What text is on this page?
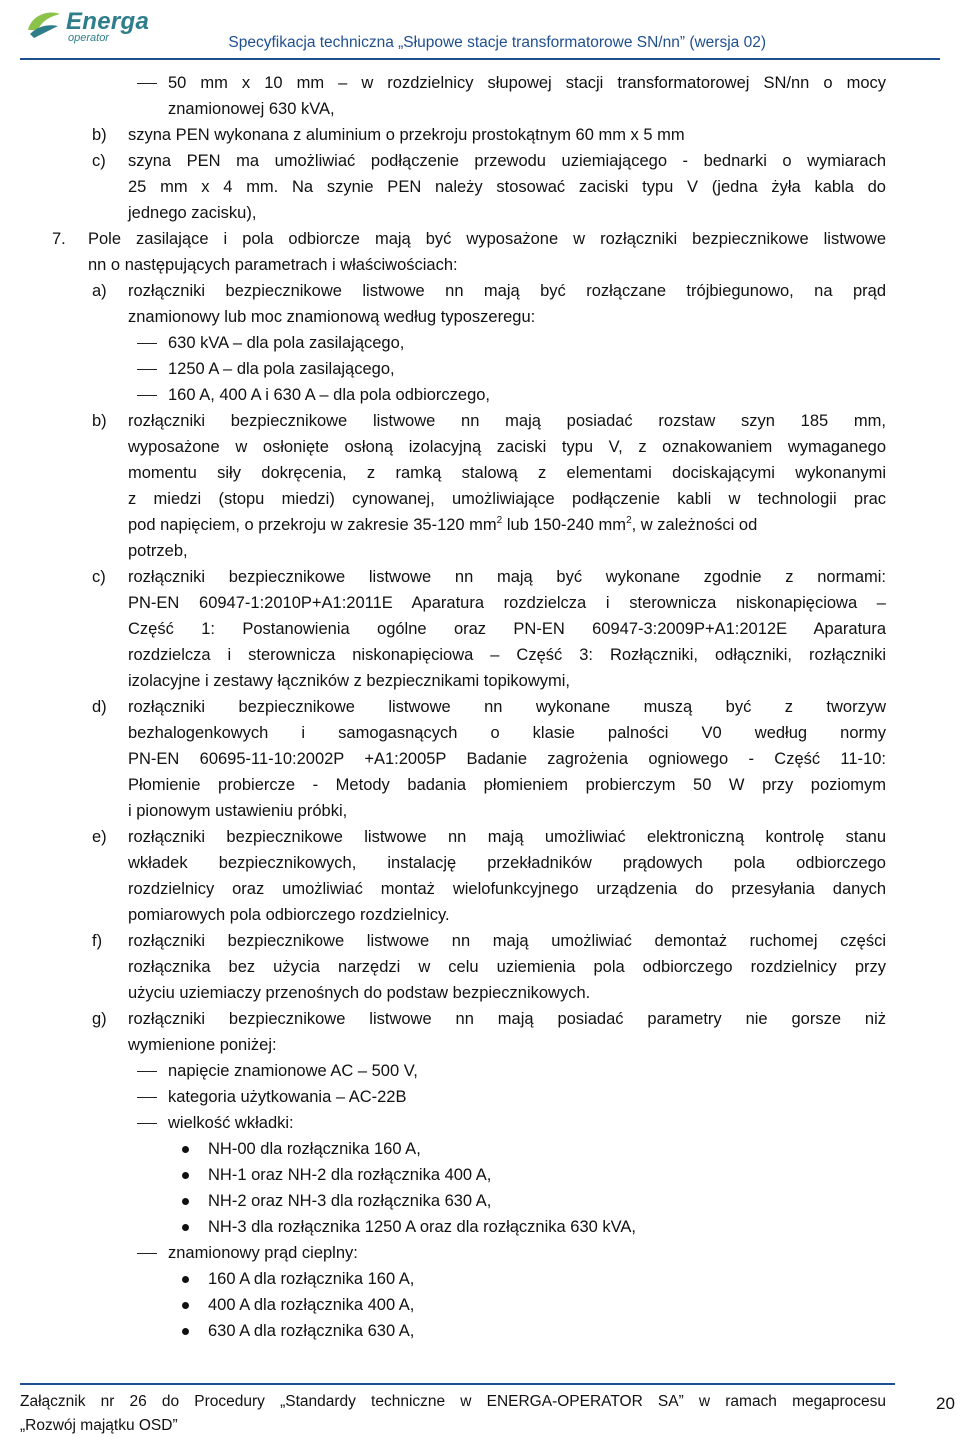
Energa
operator	Specyfikacja techniczna „Słupowe stacje transformatorowe SN/nn” (wersja 02)
50 mm x 10 mm – w rozdzielnicy słupowej stacji transformatorowej SN/nn o mocy
znamionowej 630 kVA,
b) szyna PEN wykonana z aluminium o przekroju prostokątnym 60 mm x 5 mm
c) szyna PEN ma umożliwiać podłączenie przewodu uziemiającego - bednarki o wymiarach
25 mm x 4 mm. Na szynie PEN należy stosować zaciski typu V (jedna żyła kabla do
jednego zacisku),
7. Pole zasilające i pola odbiorcze mają być wyposażone w rozłączniki bezpiecznikowe listwowe
nn o następujących parametrach i właściwościach:
a) rozłączniki bezpiecznikowe listwowe nn mają być rozłączane trójbiegunowo, na prąd
znamionowy lub moc znamionową według typoszeregu:
630 kVA – dla pola zasilającego,
1250 A – dla pola zasilającego,
160 A, 400 A i 630 A – dla pola odbiorczego,
b) rozłączniki bezpiecznikowe listwowe nn mają posiadać rozstaw szyn 185 mm,
wyposażone w osłonięte osłoną izolacyjną zaciski typu V, z oznakowaniem wymaganego
momentu siły dokręcenia, z ramką stalową z elementami dociskającymi wykonanymi
z miedzi (stopu miedzi) cynowanej, umożliwiające podłączenie kabli w technologii prac
pod napięciem, o przekroju w zakresie 35-120 $mm^2$ lub 150-240 $mm^2$, w zależności od
potrzeb,
c) rozłączniki bezpiecznikowe listwowe nn mają być wykonane zgodnie z normami:
PN-EN 60947-1:2010P+A1:2011E Aparatura rozdzielcza i sterownicza niskonapięciowa –
Część 1: Postanowienia ogólne oraz PN-EN 60947-3:2009P+A1:2012E Aparatura
rozdzielcza i sterownicza niskonapięciowa – Część 3: Rozłączniki, odłączniki, rozłączniki
izolacyjne i zestawy łączników z bezpiecznikami topikowymi,
d) rozłączniki bezpiecznikowe listwowe nn wykonane muszą być z tworzyw
bezhalogenkowych i samogasnących o klasie palności V0 według normy
PN-EN 60695-11-10:2002P +A1:2005P Badanie zagrożenia ogniowego - Część 11-10:
Płomienie probiercze - Metody badania płomieniem probierczym 50 W przy poziomym
i pionowym ustawieniu próbki,
e) rozłączniki bezpiecznikowe listwowe nn mają umożliwiać elektroniczną kontrolę stanu
wkładek bezpiecznikowych, instalację przekładników prądowych pola odbiorczego
rozdzielnicy oraz umożliwiać montaż wielofunkcyjnego urządzenia do przesyłania danych
pomiarowych pola odbiorczego rozdzielnicy.
f) rozłączniki bezpiecznikowe listwowe nn mają umożliwiać demontaż ruchomej części
rozłącznika bez użycia narzędzi w celu uziemienia pola odbiorczego rozdzielnicy przy
użyciu uziemiaczy przenośnych do podstaw bezpiecznikowych.
g) rozłączniki bezpiecznikowe listwowe nn mają posiadać parametry nie gorsze niż
wymienione poniżej:
napięcie znamionowe AC – 500 V,
kategoria użytkowania – AC-22B
wielkość wkładki:
NH-00 dla rozłącznika 160 A,
NH-1 oraz NH-2 dla rozłącznika 400 A,
NH-2 oraz NH-3 dla rozłącznika 630 A,
NH-3 dla rozłącznika 1250 A oraz dla rozłącznika 630 kVA,
znamionowy prąd cieplny:
160 A dla rozłącznika 160 A,
400 A dla rozłącznika 400 A,
630 A dla rozłącznika 630 A,
Załącznik nr 26 do Procedury „Standardy techniczne w ENERGA-OPERATOR SA” w ramach megaprocesu
„Rozwój majątku OSD”
20
